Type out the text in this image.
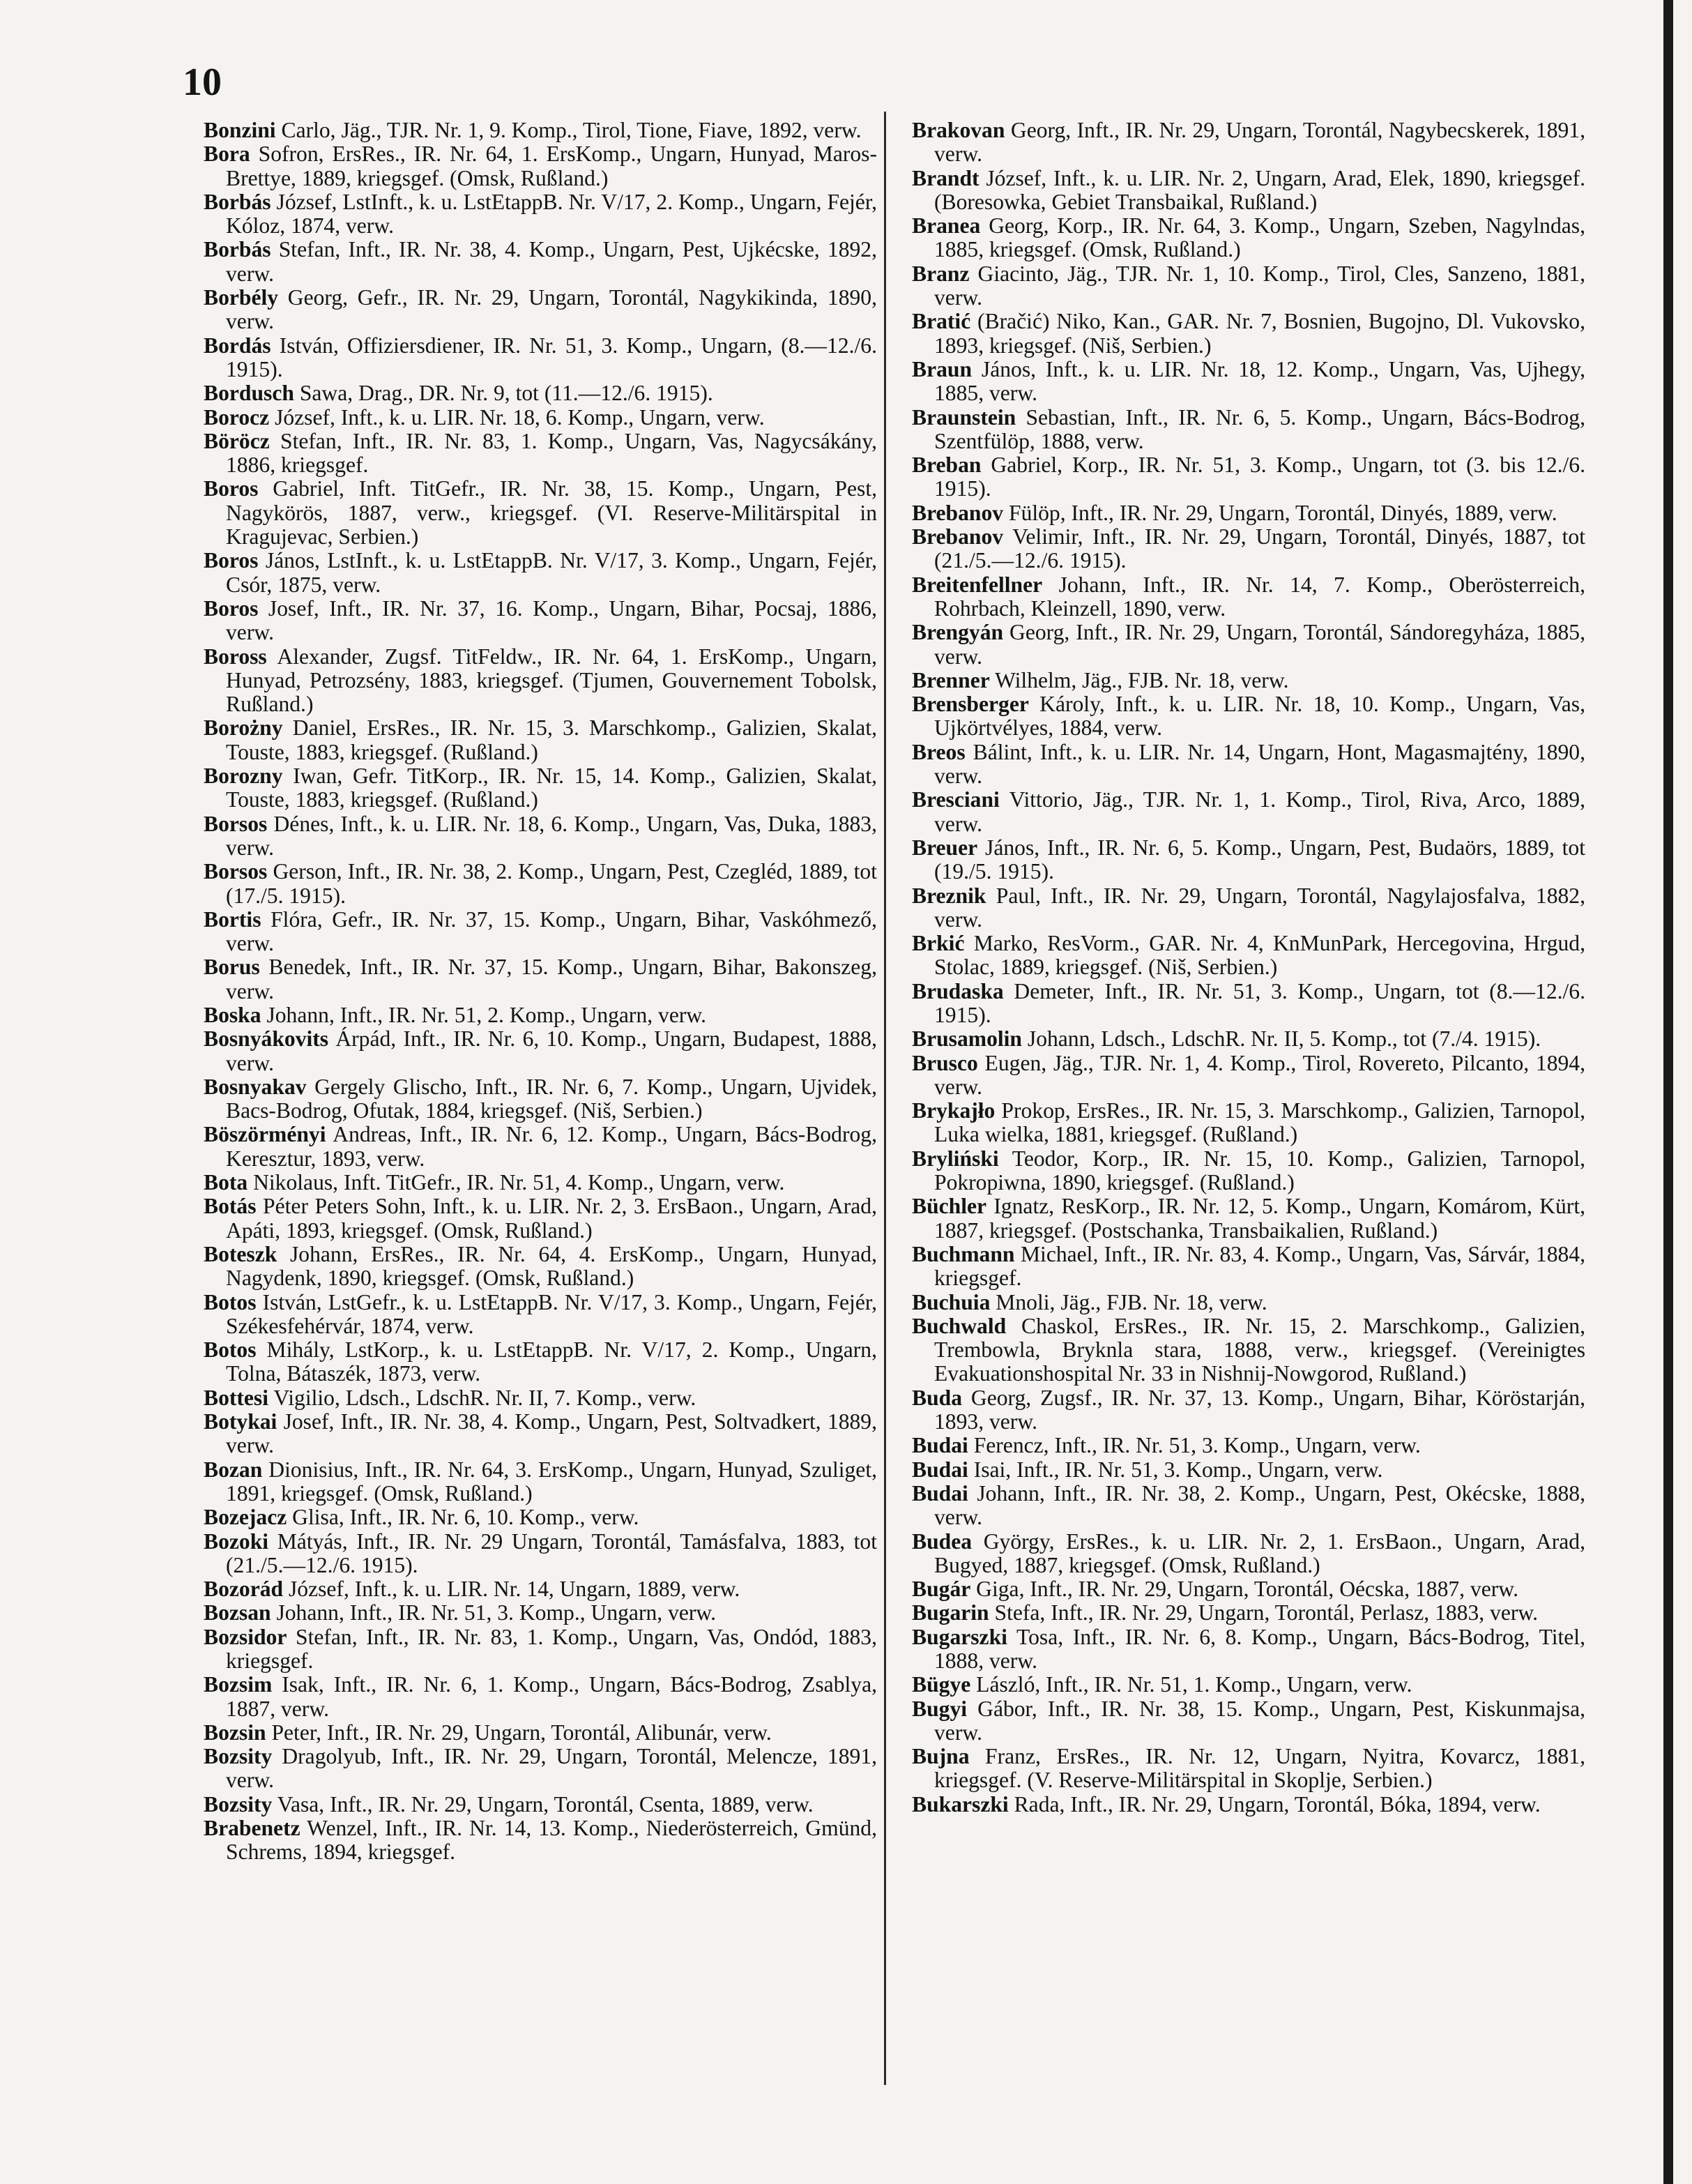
10

Bonzini Carlo, Jäg., TJR. Nr. 1, 9. Komp., Tirol, Tione, Fiave, 1892, verw.

Bora Sofron, ErsRes., IR. Nr. 64, 1. ErsKomp., Ungarn, Hunyad, Maros-Brettye, 1889, kriegsgef. (Omsk, Rußland.)

Borbás József, LstInft., k. u. LstEtappB. Nr. V/17, 2. Komp., Ungarn, Fejér, Kóloz, 1874, verw.

Borbás Stefan, Inft., IR. Nr. 38, 4. Komp., Ungarn, Pest, Ujkécske, 1892, verw.

Borbély Georg, Gefr., IR. Nr. 29, Ungarn, Torontál, Nagykikinda, 1890, verw.

Bordás István, Offiziersdiener, IR. Nr. 51, 3. Komp., Ungarn, (8.—12./6. 1915).

Bordusch Sawa, Drag., DR. Nr. 9, tot (11.—12./6. 1915).

Borocz József, Inft., k. u. LIR. Nr. 18, 6. Komp., Ungarn, verw.

Böröcz Stefan, Inft., IR. Nr. 83, 1. Komp., Ungarn, Vas, Nagycsákány, 1886, kriegsgef.

Boros Gabriel, Inft. TitGefr., IR. Nr. 38, 15. Komp., Ungarn, Pest, Nagykörös, 1887, verw., kriegsgef. (VI. Reserve-Militärspital in Kragujevac, Serbien.)

Boros János, LstInft., k. u. LstEtappB. Nr. V/17, 3. Komp., Ungarn, Fejér, Csór, 1875, verw.

Boros Josef, Inft., IR. Nr. 37, 16. Komp., Ungarn, Bihar, Pocsaj, 1886, verw.

Boross Alexander, Zugsf. TitFeldw., IR. Nr. 64, 1. ErsKomp., Ungarn, Hunyad, Petrozsény, 1883, kriegsgef. (Tjumen, Gouvernement Tobolsk, Rußland.)

Borożny Daniel, ErsRes., IR. Nr. 15, 3. Marschkomp., Galizien, Skalat, Touste, 1883, kriegsgef. (Rußland.)

Borozny Iwan, Gefr. TitKorp., IR. Nr. 15, 14. Komp., Galizien, Skalat, Touste, 1883, kriegsgef. (Rußland.)

Borsos Dénes, Inft., k. u. LIR. Nr. 18, 6. Komp., Ungarn, Vas, Duka, 1883, verw.

Borsos Gerson, Inft., IR. Nr. 38, 2. Komp., Ungarn, Pest, Czegléd, 1889, tot (17./5. 1915).

Bortis Flóra, Gefr., IR. Nr. 37, 15. Komp., Ungarn, Bihar, Vaskóhmező, verw.

Borus Benedek, Inft., IR. Nr. 37, 15. Komp., Ungarn, Bihar, Bakonszeg, verw.

Boska Johann, Inft., IR. Nr. 51, 2. Komp., Ungarn, verw.

Bosnyákovits Árpád, Inft., IR. Nr. 6, 10. Komp., Ungarn, Budapest, 1888, verw.

Bosnyakav Gergely Glischo, Inft., IR. Nr. 6, 7. Komp., Ungarn, Ujvidek, Bacs-Bodrog, Ofutak, 1884, kriegsgef. (Niš, Serbien.)

Böszörményi Andreas, Inft., IR. Nr. 6, 12. Komp., Ungarn, Bács-Bodrog, Keresztur, 1893, verw.

Bota Nikolaus, Inft. TitGefr., IR. Nr. 51, 4. Komp., Ungarn, verw.

Botás Péter Peters Sohn, Inft., k. u. LIR. Nr. 2, 3. ErsBaon., Ungarn, Arad, Apáti, 1893, kriegsgef. (Omsk, Rußland.)

Boteszk Johann, ErsRes., IR. Nr. 64, 4. ErsKomp., Ungarn, Hunyad, Nagydenk, 1890, kriegsgef. (Omsk, Rußland.)

Botos István, LstGefr., k. u. LstEtappB. Nr. V/17, 3. Komp., Ungarn, Fejér, Székesfehérvár, 1874, verw.

Botos Mihály, LstKorp., k. u. LstEtappB. Nr. V/17, 2. Komp., Ungarn, Tolna, Bátaszék, 1873, verw.

Bottesi Vigilio, Ldsch., LdschR. Nr. II, 7. Komp., verw.

Botykai Josef, Inft., IR. Nr. 38, 4. Komp., Ungarn, Pest, Soltvadkert, 1889, verw.

Bozan Dionisius, Inft., IR. Nr. 64, 3. ErsKomp., Ungarn, Hunyad, Szuliget, 1891, kriegsgef. (Omsk, Rußland.)

Bozejacz Glisa, Inft., IR. Nr. 6, 10. Komp., verw.

Bozoki Mátyás, Inft., IR. Nr. 29 Ungarn, Torontál, Tamásfalva, 1883, tot (21./5.—12./6. 1915).

Bozorád József, Inft., k. u. LIR. Nr. 14, Ungarn, 1889, verw.

Bozsan Johann, Inft., IR. Nr. 51, 3. Komp., Ungarn, verw.

Bozsidor Stefan, Inft., IR. Nr. 83, 1. Komp., Ungarn, Vas, Ondód, 1883, kriegsgef.

Bozsim Isak, Inft., IR. Nr. 6, 1. Komp., Ungarn, Bács-Bodrog, Zsablya, 1887, verw.

Bozsin Peter, Inft., IR. Nr. 29, Ungarn, Torontál, Alibunár, verw.

Bozsity Dragolyub, Inft., IR. Nr. 29, Ungarn, Torontál, Melencze, 1891, verw.

Bozsity Vasa, Inft., IR. Nr. 29, Ungarn, Torontál, Csenta, 1889, verw.

Brabenetz Wenzel, Inft., IR. Nr. 14, 13. Komp., Niederösterreich, Gmünd, Schrems, 1894, kriegsgef.

Brakovan Georg, Inft., IR. Nr. 29, Ungarn, Torontál, Nagybecskerek, 1891, verw.

Brandt József, Inft., k. u. LIR. Nr. 2, Ungarn, Arad, Elek, 1890, kriegsgef. (Boresowka, Gebiet Transbaikal, Rußland.)

Branea Georg, Korp., IR. Nr. 64, 3. Komp., Ungarn, Szeben, Nagylndas, 1885, kriegsgef. (Omsk, Rußland.)

Branz Giacinto, Jäg., TJR. Nr. 1, 10. Komp., Tirol, Cles, Sanzeno, 1881, verw.

Bratić (Bračić) Niko, Kan., GAR. Nr. 7, Bosnien, Bugojno, Dl. Vukovsko, 1893, kriegsgef. (Niš, Serbien.)

Braun János, Inft., k. u. LIR. Nr. 18, 12. Komp., Ungarn, Vas, Ujhegy, 1885, verw.

Braunstein Sebastian, Inft., IR. Nr. 6, 5. Komp., Ungarn, Bács-Bodrog, Szentfülöp, 1888, verw.

Breban Gabriel, Korp., IR. Nr. 51, 3. Komp., Ungarn, tot (3. bis 12./6. 1915).

Brebanov Fülöp, Inft., IR. Nr. 29, Ungarn, Torontál, Dinyés, 1889, verw.

Brebanov Velimir, Inft., IR. Nr. 29, Ungarn, Torontál, Dinyés, 1887, tot (21./5.—12./6. 1915).

Breitenfellner Johann, Inft., IR. Nr. 14, 7. Komp., Oberösterreich, Rohrbach, Kleinzell, 1890, verw.

Brengyán Georg, Inft., IR. Nr. 29, Ungarn, Torontál, Sándoregyháza, 1885, verw.

Brenner Wilhelm, Jäg., FJB. Nr. 18, verw.

Brensberger Károly, Inft., k. u. LIR. Nr. 18, 10. Komp., Ungarn, Vas, Ujkörtvélyes, 1884, verw.

Breos Bálint, Inft., k. u. LIR. Nr. 14, Ungarn, Hont, Magasmajtény, 1890, verw.

Bresciani Vittorio, Jäg., TJR. Nr. 1, 1. Komp., Tirol, Riva, Arco, 1889, verw.

Breuer János, Inft., IR. Nr. 6, 5. Komp., Ungarn, Pest, Budaörs, 1889, tot (19./5. 1915).

Breznik Paul, Inft., IR. Nr. 29, Ungarn, Torontál, Nagylajosfalva, 1882, verw.

Brkić Marko, ResVorm., GAR. Nr. 4, KnMunPark, Hercegovina, Hrgud, Stolac, 1889, kriegsgef. (Niš, Serbien.)

Brudaska Demeter, Inft., IR. Nr. 51, 3. Komp., Ungarn, tot (8.—12./6. 1915).

Brusamolin Johann, Ldsch., LdschR. Nr. II, 5. Komp., tot (7./4. 1915).

Brusco Eugen, Jäg., TJR. Nr. 1, 4. Komp., Tirol, Rovereto, Pilcanto, 1894, verw.

Brykajło Prokop, ErsRes., IR. Nr. 15, 3. Marschkomp., Galizien, Tarnopol, Luka wielka, 1881, kriegsgef. (Rußland.)

Bryliński Teodor, Korp., IR. Nr. 15, 10. Komp., Galizien, Tarnopol, Pokropiwna, 1890, kriegsgef. (Rußland.)

Büchler Ignatz, ResKorp., IR. Nr. 12, 5. Komp., Ungarn, Komárom, Kürt, 1887, kriegsgef. (Postschanka, Transbaikalien, Rußland.)

Buchmann Michael, Inft., IR. Nr. 83, 4. Komp., Ungarn, Vas, Sárvár, 1884, kriegsgef.

Buchuia Mnoli, Jäg., FJB. Nr. 18, verw.

Buchwald Chaskol, ErsRes., IR. Nr. 15, 2. Marschkomp., Galizien, Trembowla, Bryknla stara, 1888, verw., kriegsgef. (Vereinigtes Evakuationshospital Nr. 33 in Nishnij-Nowgorod, Rußland.)

Buda Georg, Zugsf., IR. Nr. 37, 13. Komp., Ungarn, Bihar, Köröstarján, 1893, verw.

Budai Ferencz, Inft., IR. Nr. 51, 3. Komp., Ungarn, verw.

Budai Isai, Inft., IR. Nr. 51, 3. Komp., Ungarn, verw.

Budai Johann, Inft., IR. Nr. 38, 2. Komp., Ungarn, Pest, Okécske, 1888, verw.

Budea György, ErsRes., k. u. LIR. Nr. 2, 1. ErsBaon., Ungarn, Arad, Bugyed, 1887, kriegsgef. (Omsk, Rußland.)

Bugár Giga, Inft., IR. Nr. 29, Ungarn, Torontál, Oécska, 1887, verw.

Bugarin Stefa, Inft., IR. Nr. 29, Ungarn, Torontál, Perlasz, 1883, verw.

Bugarszki Tosa, Inft., IR. Nr. 6, 8. Komp., Ungarn, Bács-Bodrog, Titel, 1888, verw.

Bügye László, Inft., IR. Nr. 51, 1. Komp., Ungarn, verw.

Bugyi Gábor, Inft., IR. Nr. 38, 15. Komp., Ungarn, Pest, Kiskunmajsa, verw.

Bujna Franz, ErsRes., IR. Nr. 12, Ungarn, Nyitra, Kovarcz, 1881, kriegsgef. (V. Reserve-Militärspital in Skoplje, Serbien.)

Bukarszki Rada, Inft., IR. Nr. 29, Ungarn, Torontál, Bóka, 1894, verw.
